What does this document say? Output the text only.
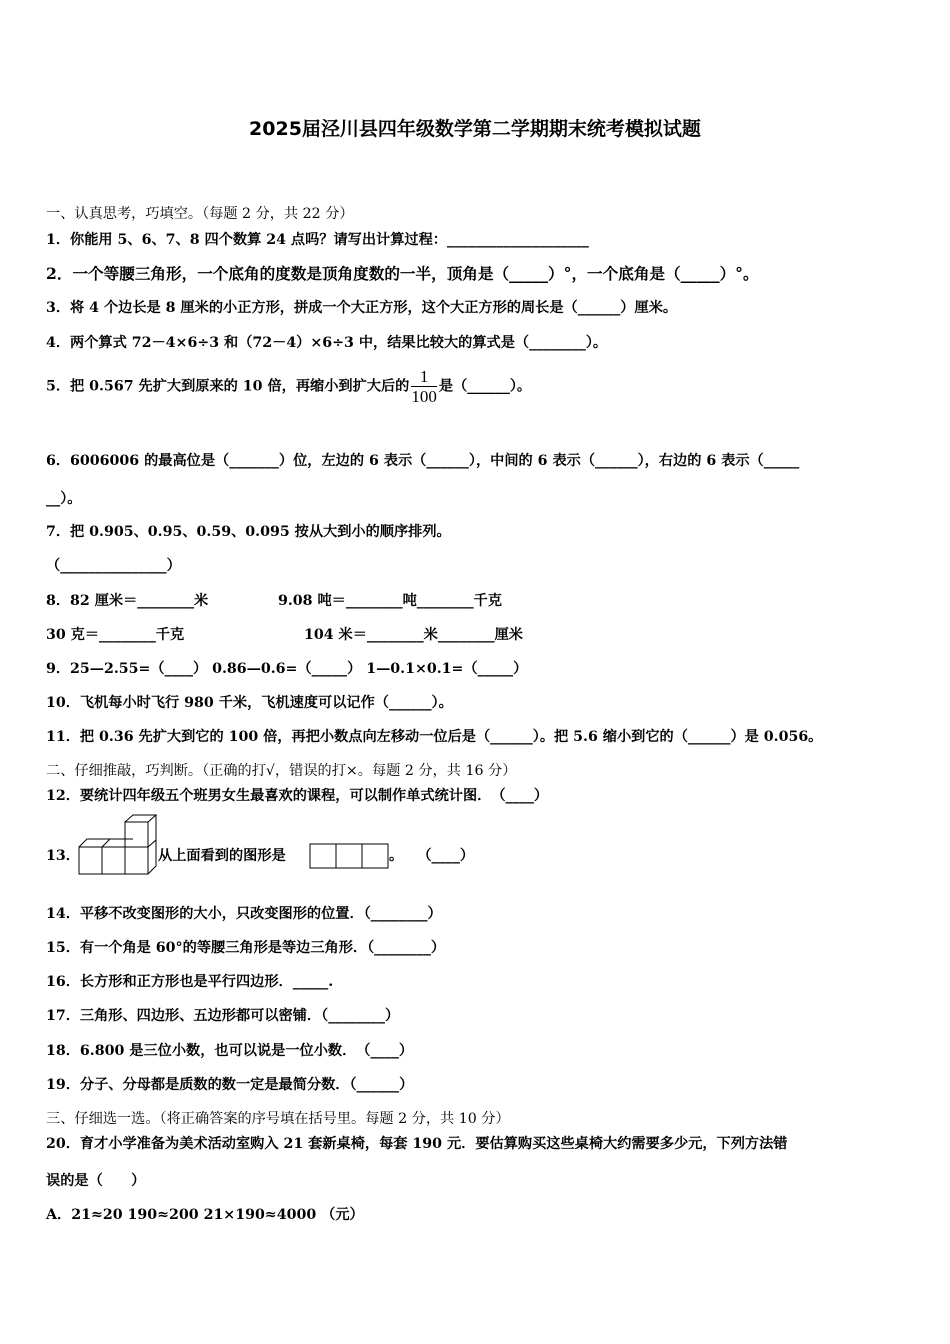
2025届泾川县四年级数学第二学期期末统考模拟试题
一、认真思考，巧填空。（每题 2 分，共 22 分）
1．你能用 5、6、7、8 四个数算 24 点吗？请写出计算过程：____________________
2．一个等腰三角形，一个底角的度数是顶角度数的一半，顶角是（_____）°，一个底角是（_____）°。
3．将 4 个边长是 8 厘米的小正方形，拼成一个大正方形，这个大正方形的周长是（______）厘米。
4．两个算式 72－4×6÷3 和（72－4）×6÷3 中，结果比较大的算式是（________）。
5．把 0.567 先扩大到原来的 10 倍，再缩小到扩大后的 $\frac{1}{100}$ 是（______）。
6．6006006 的最高位是（_______）位，左边的 6 表示（______），中间的 6 表示（______），右边的 6 表示（_____
__）。
7．把 0.905、0.95、0.59、0.095 按从大到小的顺序排列。
（_______________）
8．82 厘米＝________米	9.08 吨＝________吨________千克
30 克＝________千克	104 米＝________米________厘米
9．25—2.55=（____） 0.86—0.6=（_____） 1—0.1×0.1=（_____）
10．飞机每小时飞行 980 千米，飞机速度可以记作（______）。
11．把 0.36 先扩大到它的 100 倍，再把小数点向左移动一位后是（______）。把 5.6 缩小到它的（______）是 0.056。
二、仔细推敲，巧判断。（正确的打√，错误的打×。每题 2 分，共 16 分）
12．要统计四年级五个班男女生最喜欢的课程，可以制作单式统计图．　（____）
13．	从上面看到的图形是	。　　（____）
14．平移不改变图形的大小，只改变图形的位置．（________）
15．有一个角是 60°的等腰三角形是等边三角形．（________）
16．长方形和正方形也是平行四边形．_____.
17．三角形、四边形、五边形都可以密铺．（________）
18．6.800 是三位小数，也可以说是一位小数．　（____）
19．分子、分母都是质数的数一定是最简分数．（______）
三、仔细选一选。（将正确答案的序号填在括号里。每题 2 分，共 10 分）
20．育才小学准备为美术活动室购入 21 套新桌椅，每套 190 元．要估算购买这些桌椅大约需要多少元，下列方法错
误的是（　　）
A．21≈20 190≈200 21×190≈4000 （元）
